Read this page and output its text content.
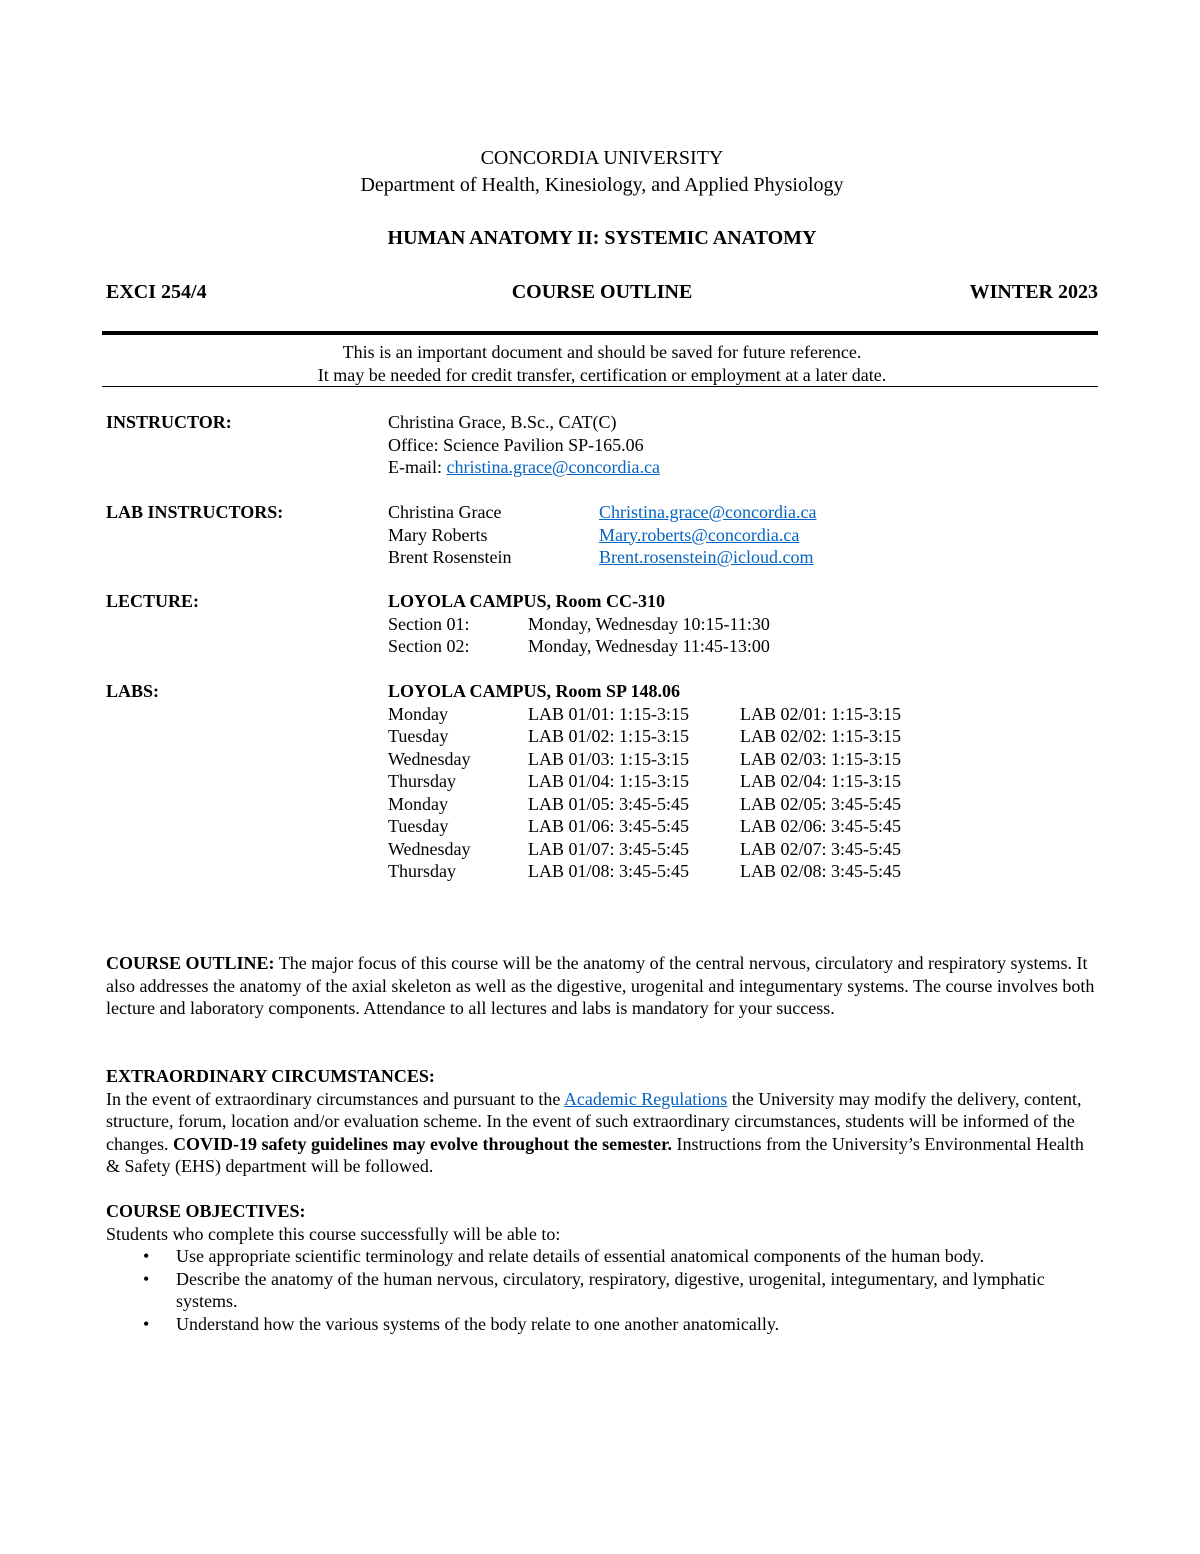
CONCORDIA UNIVERSITY
Department of Health, Kinesiology, and Applied Physiology
HUMAN ANATOMY II: SYSTEMIC ANATOMY
EXCI 254/4	COURSE OUTLINE	WINTER 2023
This is an important document and should be saved for future reference.
It may be needed for credit transfer, certification or employment at a later date.
INSTRUCTOR:	Christina Grace, B.Sc., CAT(C)
Office: Science Pavilion SP-165.06
E-mail: christina.grace@concordia.ca
LAB INSTRUCTORS:	Christina Grace	Christina.grace@concordia.ca
Mary Roberts	Mary.roberts@concordia.ca
Brent Rosenstein	Brent.rosenstein@icloud.com
LECTURE:	LOYOLA CAMPUS, Room CC-310
Section 01:	Monday, Wednesday 10:15-11:30
Section 02:	Monday, Wednesday 11:45-13:00
LABS:	LOYOLA CAMPUS, Room SP 148.06
Monday	LAB 01/01: 1:15-3:15	LAB 02/01: 1:15-3:15
Tuesday	LAB 01/02: 1:15-3:15	LAB 02/02: 1:15-3:15
Wednesday	LAB 01/03: 1:15-3:15	LAB 02/03: 1:15-3:15
Thursday	LAB 01/04: 1:15-3:15	LAB 02/04: 1:15-3:15
Monday	LAB 01/05: 3:45-5:45	LAB 02/05: 3:45-5:45
Tuesday	LAB 01/06: 3:45-5:45	LAB 02/06: 3:45-5:45
Wednesday	LAB 01/07: 3:45-5:45	LAB 02/07: 3:45-5:45
Thursday	LAB 01/08: 3:45-5:45	LAB 02/08: 3:45-5:45
COURSE OUTLINE: The major focus of this course will be the anatomy of the central nervous, circulatory and respiratory systems. It also addresses the anatomy of the axial skeleton as well as the digestive, urogenital and integumentary systems. The course involves both lecture and laboratory components. Attendance to all lectures and labs is mandatory for your success.
EXTRAORDINARY CIRCUMSTANCES:
In the event of extraordinary circumstances and pursuant to the Academic Regulations the University may modify the delivery, content, structure, forum, location and/or evaluation scheme. In the event of such extraordinary circumstances, students will be informed of the changes. COVID-19 safety guidelines may evolve throughout the semester. Instructions from the University’s Environmental Health & Safety (EHS) department will be followed.
COURSE OBJECTIVES:
Students who complete this course successfully will be able to:
• Use appropriate scientific terminology and relate details of essential anatomical components of the human body.
• Describe the anatomy of the human nervous, circulatory, respiratory, digestive, urogenital, integumentary, and lymphatic systems.
• Understand how the various systems of the body relate to one another anatomically.
